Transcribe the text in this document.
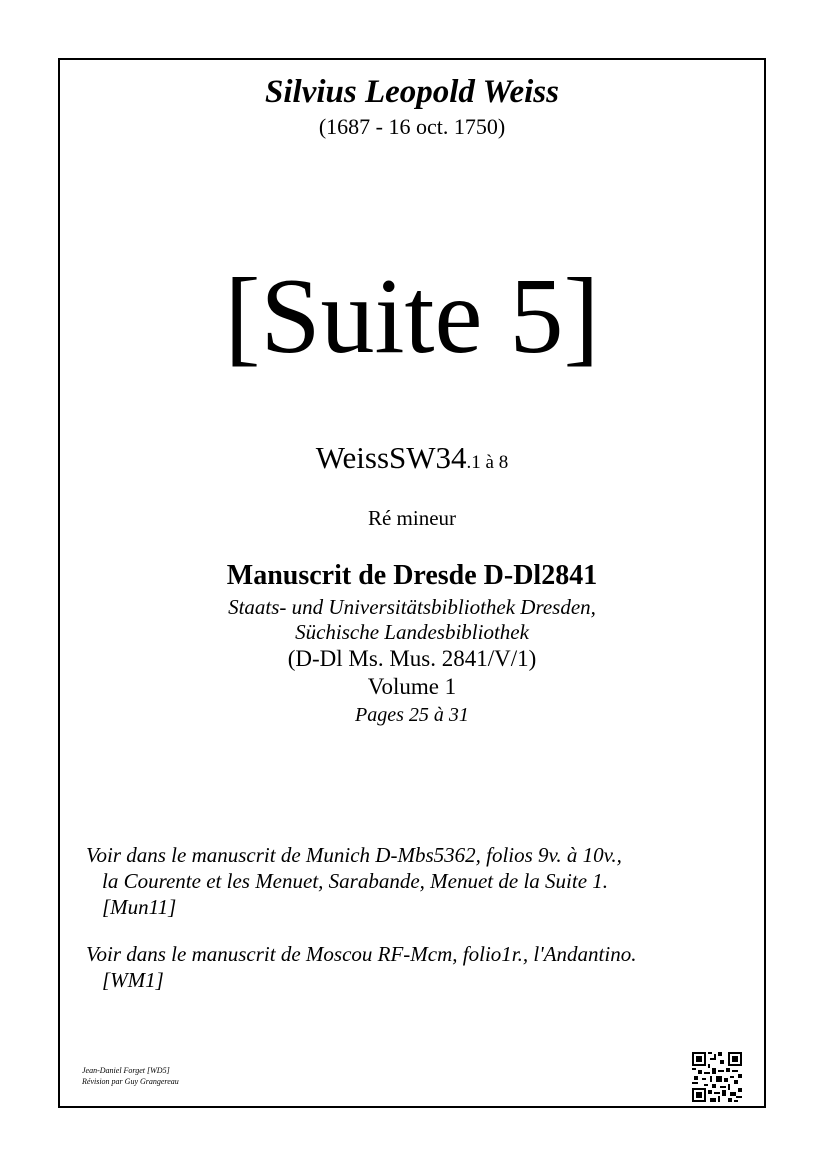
Silvius Leopold Weiss
(1687 - 16 oct. 1750)
[Suite 5]
WeissSW34.1 à 8
Ré mineur
Manuscrit de Dresde D-Dl2841
Staats- und Universitätsbibliothek Dresden,
Süchische Landesbibliothek
(D-Dl Ms. Mus. 2841/V/1)
Volume 1
Pages 25 à 31
Voir dans le manuscrit de Munich D-Mbs5362, folios 9v. à 10v.,
la Courente et les Menuet, Sarabande, Menuet de la Suite 1.
[Mun11]
Voir dans le manuscrit de Moscou RF-Mcm, folio1r., l'Andantino.
[WM1]
Jean-Daniel Forget [WD5]
Révision par Guy Grangereau
